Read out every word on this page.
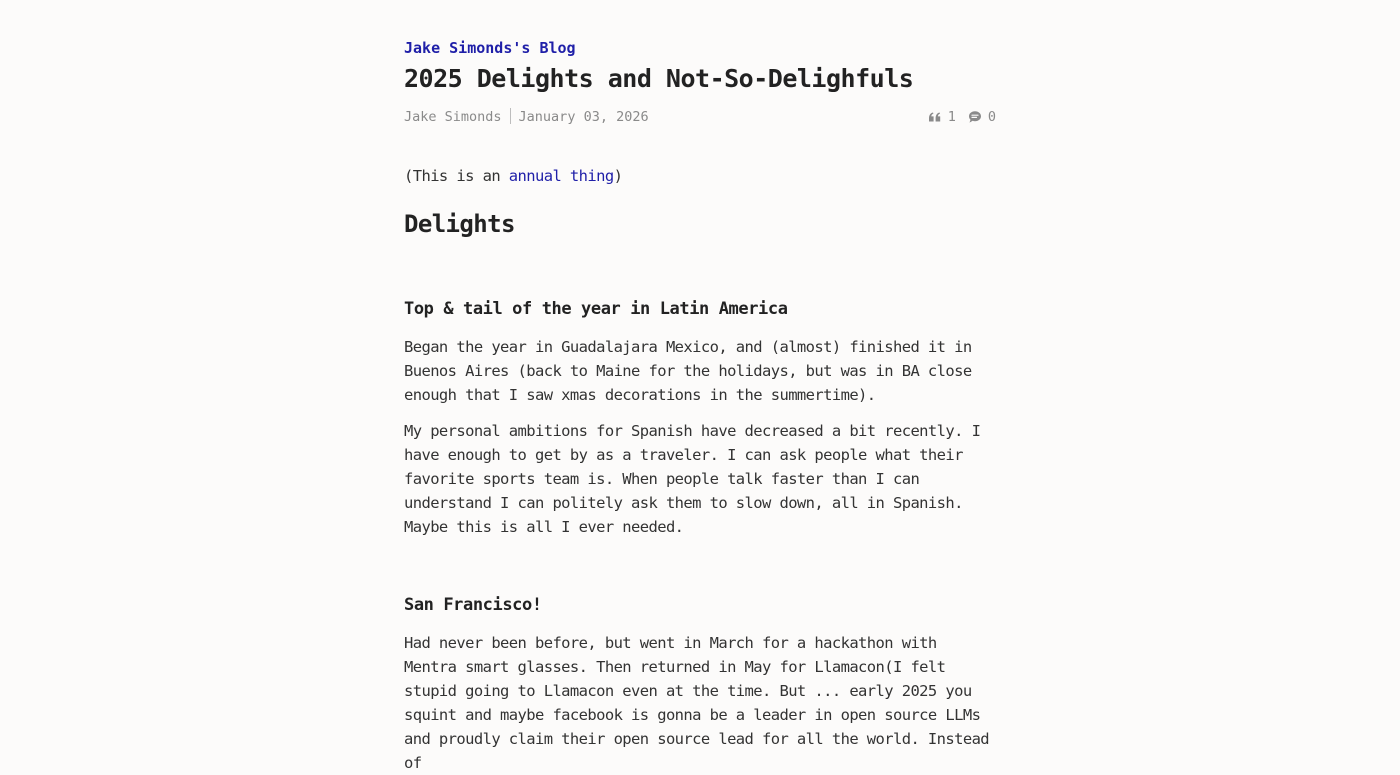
Jake Simonds's Blog
2025 Delights and Not-So-Delighfuls
Jake Simonds January 03, 2026	1 0

(This is an annual thing)

Delights
Top & tail of the year in Latin America

Began the year in Guadalajara Mexico, and (almost) finished it in Buenos Aires (back to Maine for the holidays, but was in BA close enough that I saw xmas decorations in the summertime).

My personal ambitions for Spanish have decreased a bit recently. I have enough to get by as a traveler. I can ask people what their favorite sports team is. When people talk faster than I can understand I can politely ask them to slow down, all in Spanish. Maybe this is all I ever needed.

San Francisco!

Had never been before, but went in March for a hackathon with Mentra smart glasses. Then returned in May for Llamacon(I felt stupid going to Llamacon even at the time. But ... early 2025 you squint and maybe facebook is gonna be a leader in open source LLMs and proudly claim their open source lead for all the world. Instead of
